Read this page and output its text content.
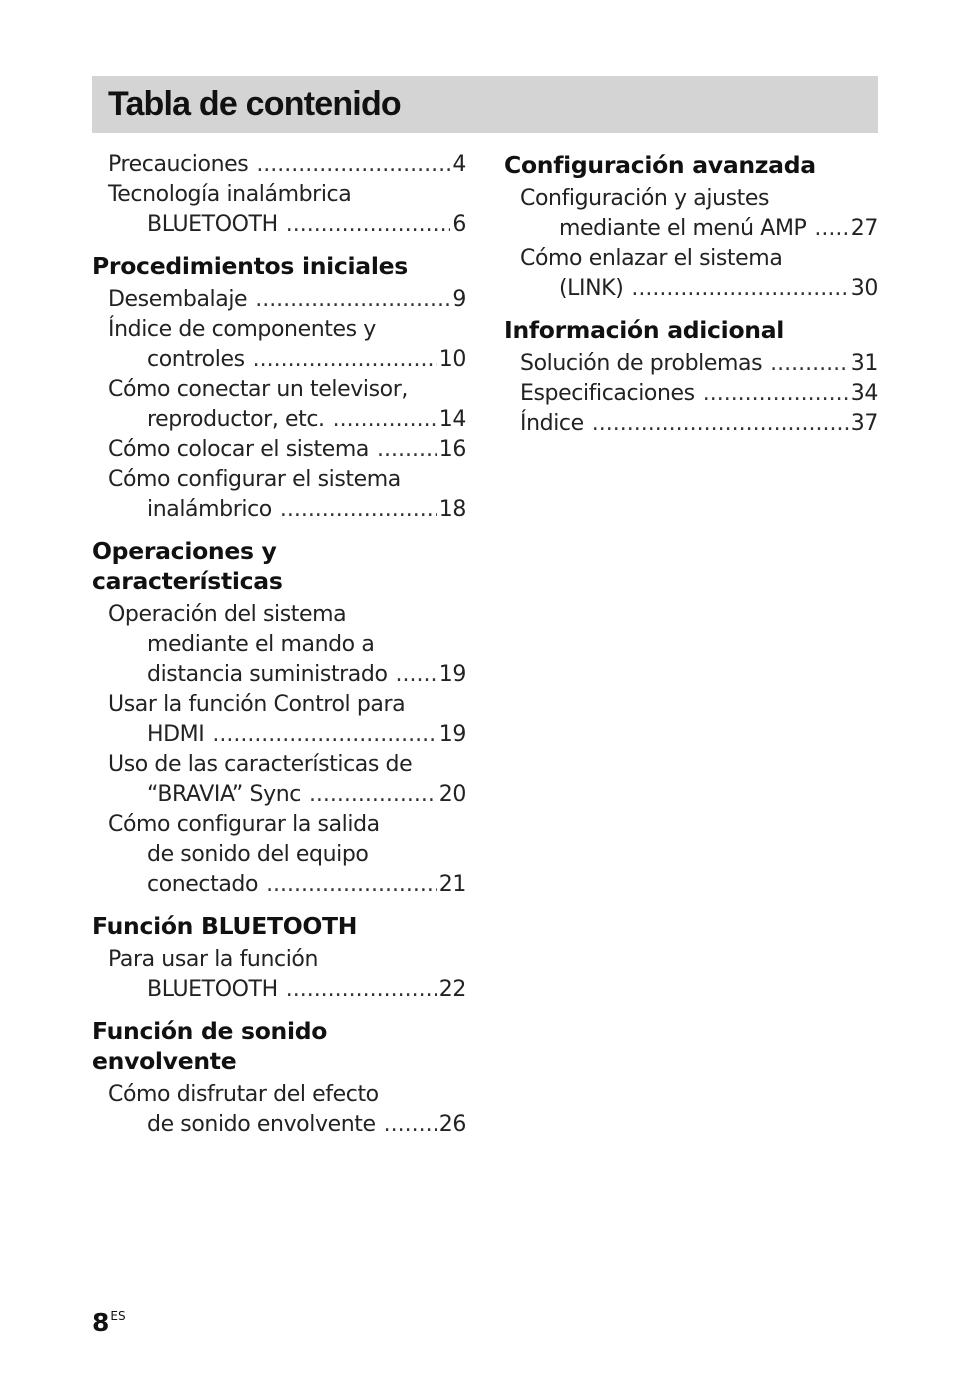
Tabla de contenido
Precauciones .....	4
Tecnología inalámbrica
BLUETOOTH .....	6
Procedimientos iniciales
Desembalaje .....	9
Índice de componentes y
controles .....	10
Cómo conectar un televisor,
reproductor, etc. .....	14
Cómo colocar el sistema .....	16
Cómo configurar el sistema
inalámbrico .....	18
Operaciones y
características
Operación del sistema
mediante el mando a
distancia suministrado ..... 19
Usar la función Control para
HDMI .....	19
Uso de las características de
“BRAVIA” Sync .....	20
Cómo configurar la salida
de sonido del equipo
conectado .....	21
Función BLUETOOTH
Para usar la función
BLUETOOTH .....	22
Función de sonido
envolvente
Cómo disfrutar del efecto
de sonido envolvente .....	26
Configuración avanzada
Configuración y ajustes
mediante el menú AMP ..... 27
Cómo enlazar el sistema
(LINK) .....	30
Información adicional
Solución de problemas .....	31
Especificaciones .....	34
Índice .....	37
$8^{ES}$
